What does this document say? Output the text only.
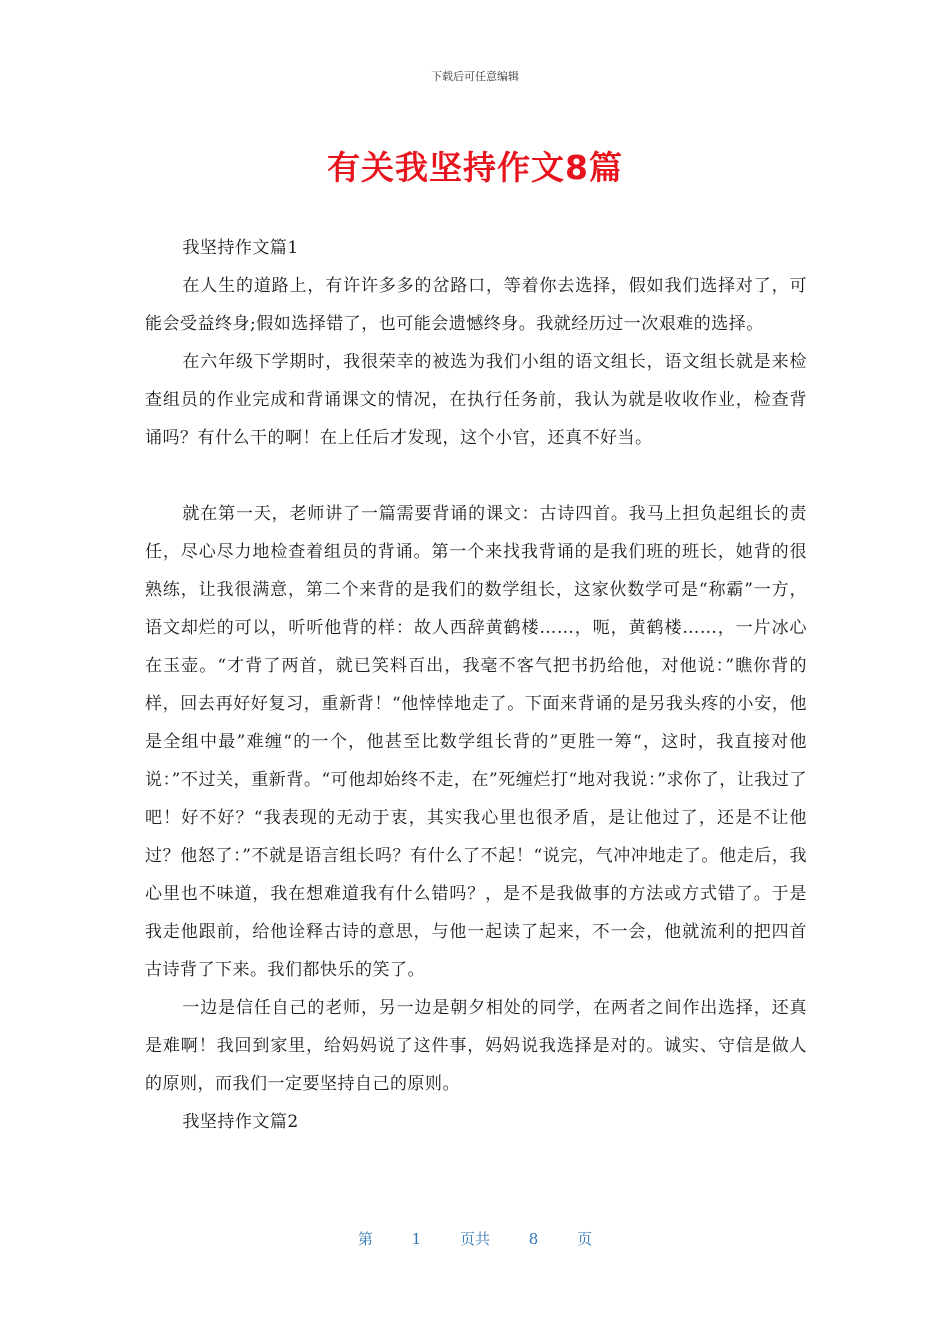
下载后可任意编辑
有关我坚持作文8篇

我坚持作文篇1

在人生的道路上，有许许多多的岔路口，等着你去选择，假如我们选择对了，可能会受益终身;假如选择错了，也可能会遗憾终身。我就经历过一次艰难的选择。

在六年级下学期时，我很荣幸的被选为我们小组的语文组长，语文组长就是来检查组员的作业完成和背诵课文的情况，在执行任务前，我认为就是收收作业，检查背诵吗？有什么干的啊！在上任后才发现，这个小官，还真不好当。

就在第一天，老师讲了一篇需要背诵的课文：古诗四首。我马上担负起组长的责任，尽心尽力地检查着组员的背诵。第一个来找我背诵的是我们班的班长，她背的很熟练，让我很满意，第二个来背的是我们的数学组长，这家伙数学可是“称霸”一方，语文却烂的可以，听听他背的样：故人西辞黄鹤楼……，呃，黄鹤楼……，一片冰心在玉壶。“才背了两首，就已笑料百出，我毫不客气把书扔给他，对他说：”瞧你背的样，回去再好好复习，重新背！“他悻悻地走了。下面来背诵的是另我头疼的小安，他是全组中最”难缠“的一个，他甚至比数学组长背的”更胜一筹“，这时，我直接对他说：”不过关，重新背。“可他却始终不走，在”死缠烂打“地对我说：”求你了，让我过了吧！好不好？“我表现的无动于衷，其实我心里也很矛盾，是让他过了，还是不让他过？他怒了：”不就是语言组长吗？有什么了不起！“说完，气冲冲地走了。他走后，我心里也不味道，我在想难道我有什么错吗？，是不是我做事的方法或方式错了。于是我走他跟前，给他诠释古诗的意思，与他一起读了起来，不一会，他就流利的把四首古诗背了下来。我们都快乐的笑了。

一边是信任自己的老师，另一边是朝夕相处的同学，在两者之间作出选择，还真是难啊！我回到家里，给妈妈说了这件事，妈妈说我选择是对的。诚实、守信是做人的原则，而我们一定要坚持自己的原则。

我坚持作文篇2

第	1	页共	8	页
